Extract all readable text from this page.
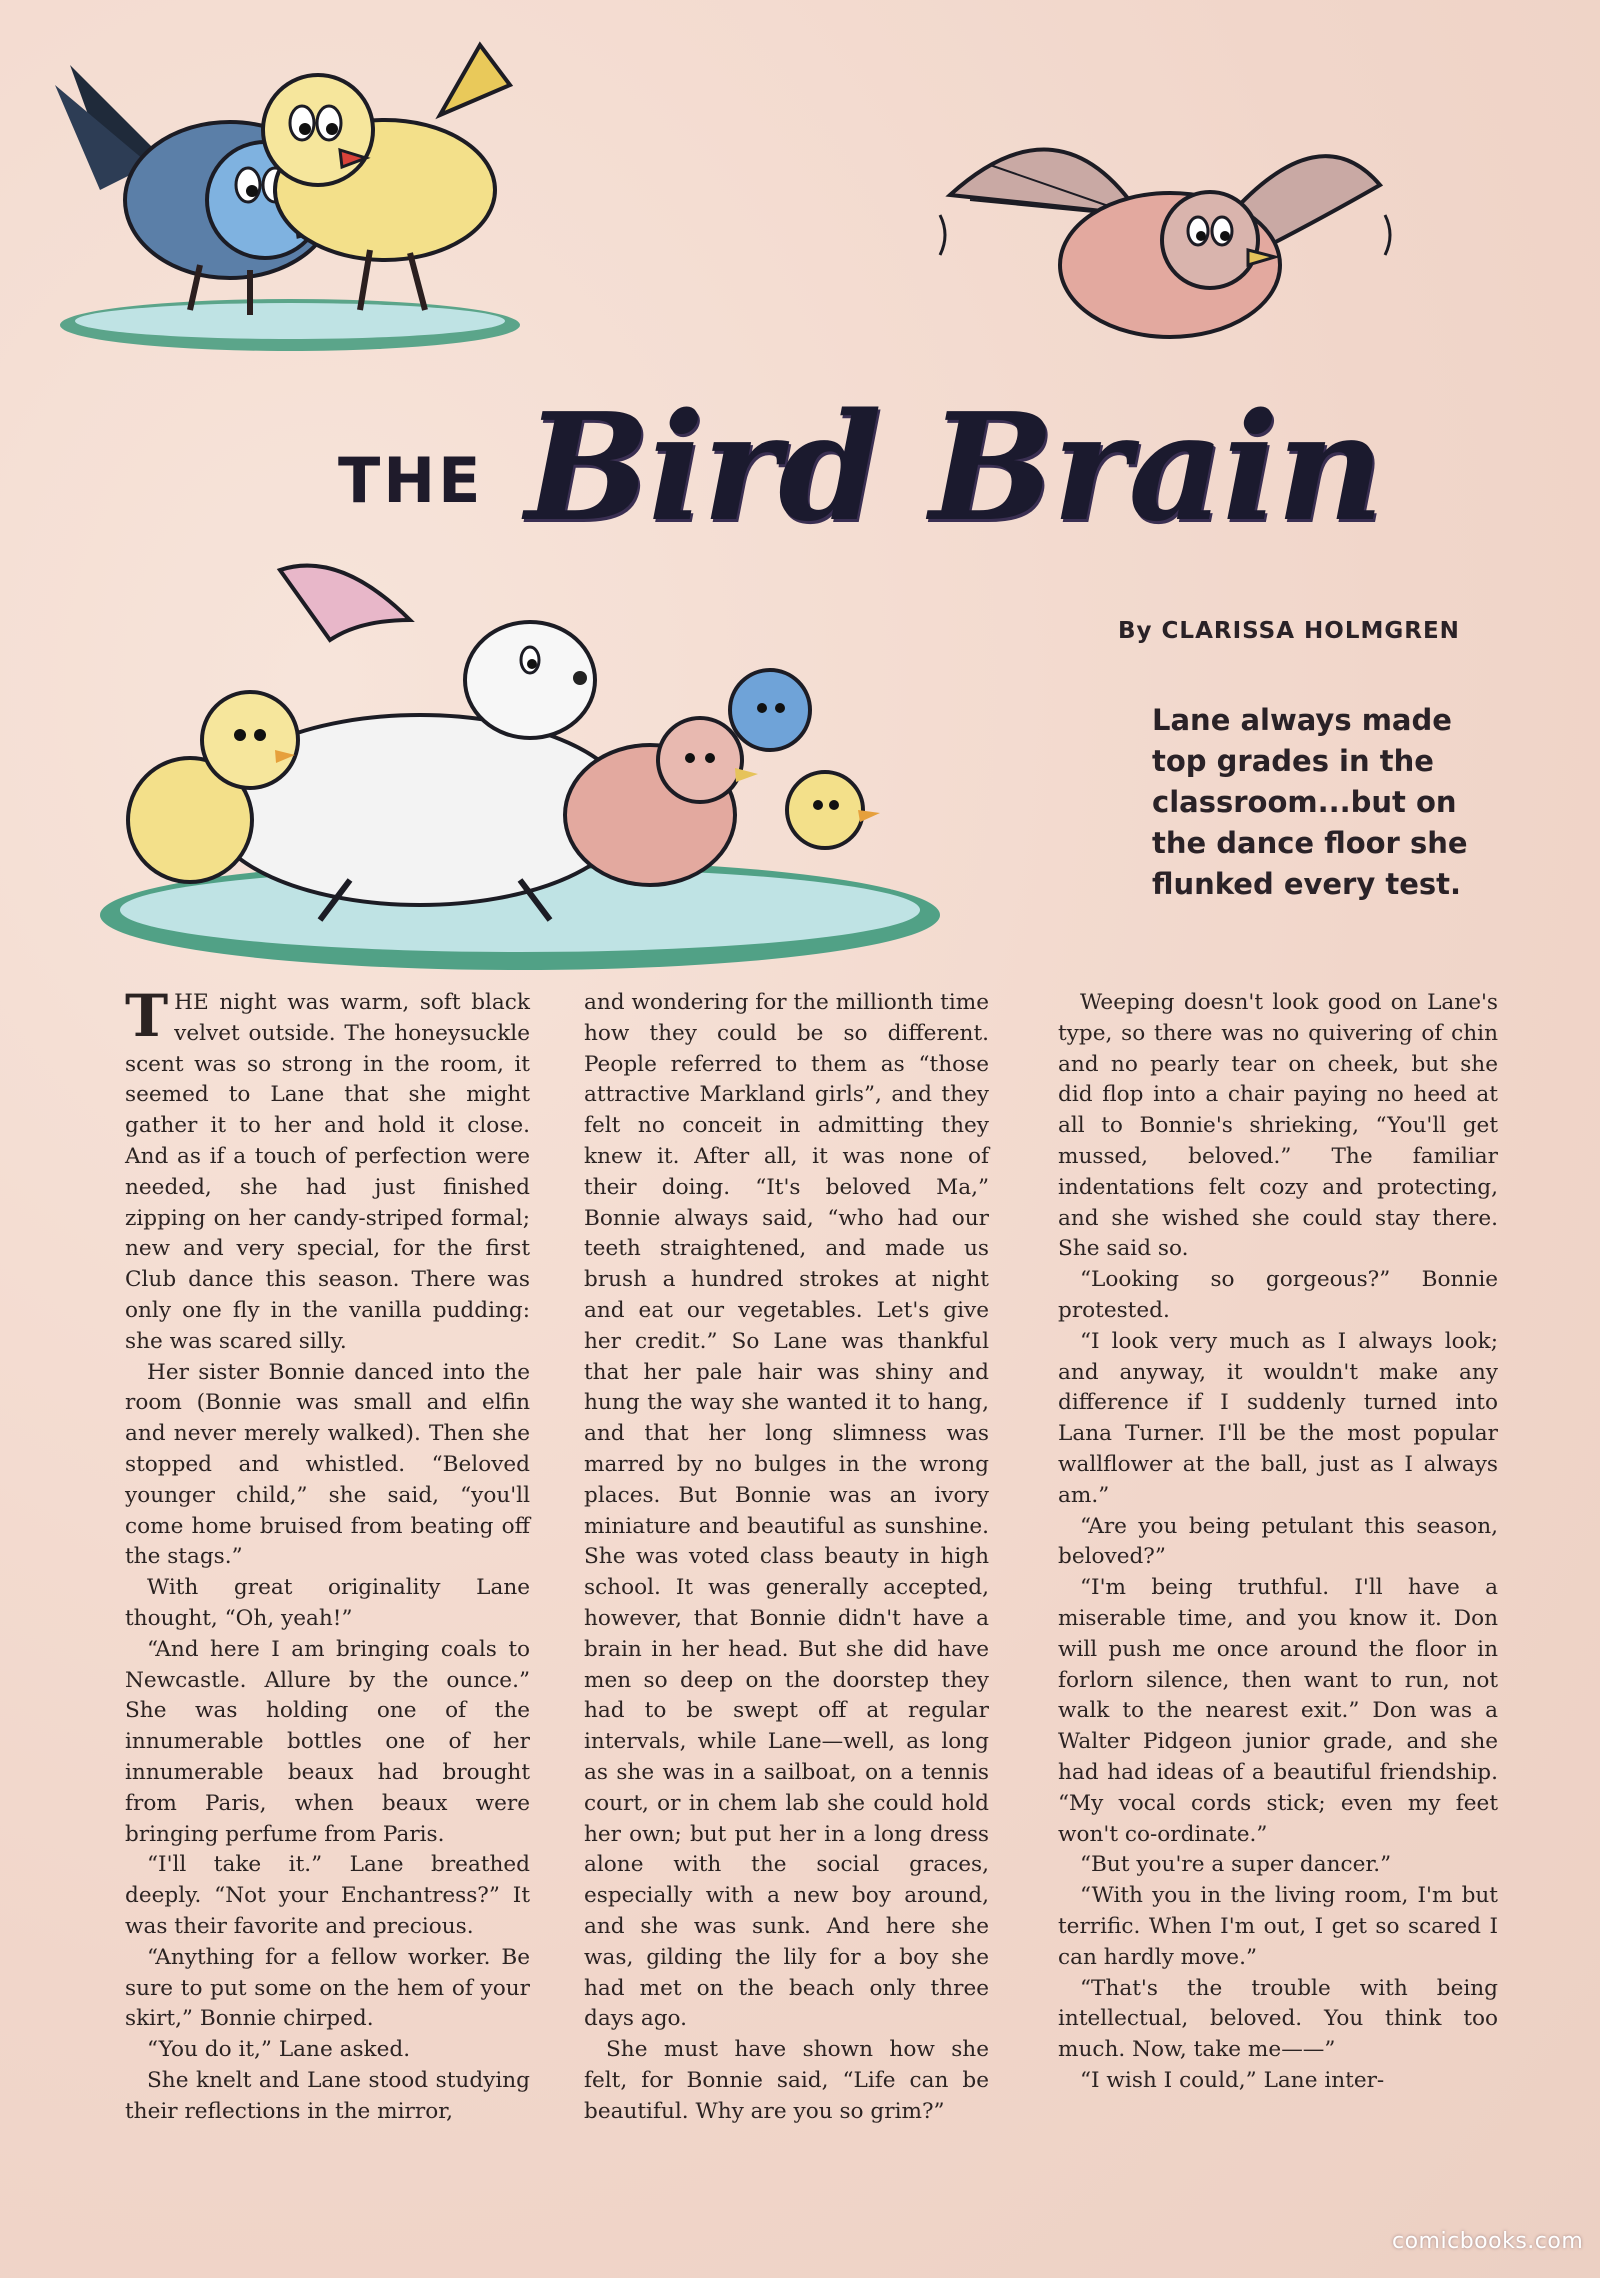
THE Bird Brain
By CLARISSA HOLMGREN
Lane always made top grades in the classroom...but on the dance floor she flunked every test.

THE night was warm, soft black velvet outside. The honeysuckle scent was so strong in the room, it seemed to Lane that she might gather it to her and hold it close. And as if a touch of perfection were needed, she had just finished zipping on her candy-striped formal; new and very special, for the first Club dance this season. There was only one fly in the vanilla pudding: she was scared silly.

Her sister Bonnie danced into the room (Bonnie was small and elfin and never merely walked). Then she stopped and whistled. “Beloved younger child,” she said, “you'll come home bruised from beating off the stags.”

With great originality Lane thought, “Oh, yeah!”

“And here I am bringing coals to Newcastle. Allure by the ounce.” She was holding one of the innumerable bottles one of her innumerable beaux had brought from Paris, when beaux were bringing perfume from Paris.

“I'll take it.” Lane breathed deeply. “Not your Enchantress?” It was their favorite and precious.

“Anything for a fellow worker. Be sure to put some on the hem of your skirt,” Bonnie chirped.

“You do it,” Lane asked.

She knelt and Lane stood studying their reflections in the mirror,

and wondering for the millionth time how they could be so different. People referred to them as “those attractive Markland girls”, and they felt no conceit in admitting they knew it. After all, it was none of their doing. “It's beloved Ma,” Bonnie always said, “who had our teeth straightened, and made us brush a hundred strokes at night and eat our vegetables. Let's give her credit.” So Lane was thankful that her pale hair was shiny and hung the way she wanted it to hang, and that her long slimness was marred by no bulges in the wrong places. But Bonnie was an ivory miniature and beautiful as sunshine. She was voted class beauty in high school. It was generally accepted, however, that Bonnie didn't have a brain in her head. But she did have men so deep on the doorstep they had to be swept off at regular intervals, while Lane—well, as long as she was in a sailboat, on a tennis court, or in chem lab she could hold her own; but put her in a long dress alone with the social graces, especially with a new boy around, and she was sunk. And here she was, gilding the lily for a boy she had met on the beach only three days ago.

She must have shown how she felt, for Bonnie said, “Life can be beautiful. Why are you so grim?”

Weeping doesn't look good on Lane's type, so there was no quivering of chin and no pearly tear on cheek, but she did flop into a chair paying no heed at all to Bonnie's shrieking, “You'll get mussed, beloved.” The familiar indentations felt cozy and protecting, and she wished she could stay there. She said so.

“Looking so gorgeous?” Bonnie protested.

“I look very much as I always look; and anyway, it wouldn't make any difference if I suddenly turned into Lana Turner. I'll be the most popular wallflower at the ball, just as I always am.”

“Are you being petulant this season, beloved?”

“I'm being truthful. I'll have a miserable time, and you know it. Don will push me once around the floor in forlorn silence, then want to run, not walk to the nearest exit.” Don was a Walter Pidgeon junior grade, and she had had ideas of a beautiful friendship. “My vocal cords stick; even my feet won't co-ordinate.”

“But you're a super dancer.”

“With you in the living room, I'm but terrific. When I'm out, I get so scared I can hardly move.”

“That's the trouble with being intellectual, beloved. You think too much. Now, take me——”

“I wish I could,” Lane inter-

comicbooks.com
